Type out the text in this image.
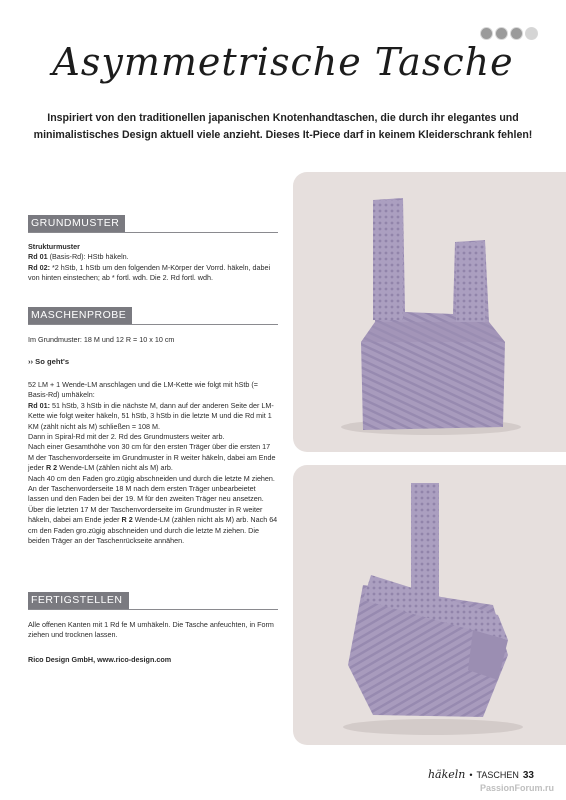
Asymmetrische Tasche
Inspiriert von den traditionellen japanischen Knotenhandtaschen, die durch ihr elegantes und minimalistisches Design aktuell viele anzieht. Dieses It-Piece darf in keinem Kleiderschrank fehlen!
GRUNDMUSTER

Strukturmuster

Rd 01 (Basis-Rd): HStb häkeln.

Rd 02: *2 hStb, 1 hStb um den folgenden M-Körper der Vorrd. häkeln, dabei von hinten einstechen; ab * fortl. wdh. Die 2. Rd fortl. wdh.

MASCHENPROBE
Im Grundmuster: 18 M und 12 R = 10 x 10 cm
›› So geht's

52 LM + 1 Wende-LM anschlagen und die LM-Kette wie folgt mit hStb (= Basis-Rd) umhäkeln:

Rd 01: 51 hStb, 3 hStb in die nächste M, dann auf der anderen Seite der LM-Kette wie folgt weiter häkeln, 51 hStb, 3 hStb in die letzte M und die Rd mit 1 KM (zählt nicht als M) schließen = 108 M.

Dann in Spiral-Rd mit der 2. Rd des Grundmusters weiter arb.

Nach einer Gesamthöhe von 30 cm für den ersten Träger über die ersten 17 M der Taschenvorderseite im Grundmuster in R weiter häkeln, dabei am Ende jeder R 2 Wende-LM (zählen nicht als M) arb.

Nach 40 cm den Faden gro.zügig abschneiden und durch die letzte M ziehen. An der Taschenvorderseite 18 M nach dem ersten Träger unbearbeietet lassen und den Faden bei der 19. M für den zweiten Träger neu ansetzen. Über die letzten 17 M der Taschenvorderseite im Grundmuster in R weiter häkeln, dabei am Ende jeder R 2 Wende-LM (zählen nicht als M) arb. Nach 64 cm den Faden gro.zügig abschneiden und durch die letzte M ziehen. Die beiden Träger an der Taschenrückseite annähen.

FERTIGSTELLEN
Alle offenen Kanten mit 1 Rd fe M umhäkeln. Die Tasche anfeuchten, in Form ziehen und trocknen lassen.
Rico Design GmbH, www.rico-design.com
häkeln • TASCHEN 33
PassionForum.ru
